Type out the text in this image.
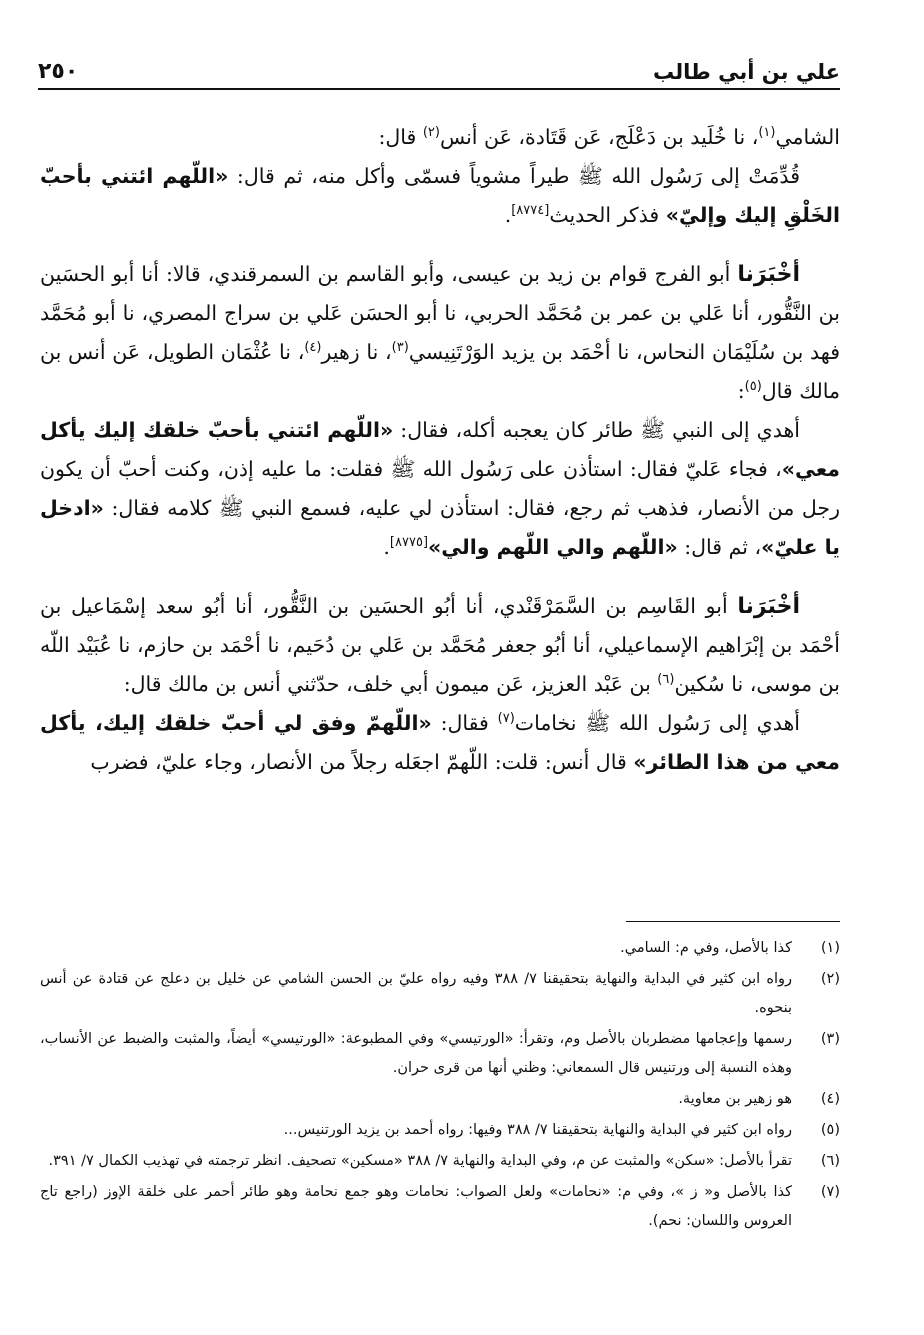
علي بن أبي طالب
٢٥٠

الشامي$^{(١)}$، نا خُلَيد بن دَعْلَج، عَن قَتَادة، عَن أنس$^{(٢)}$ قال:

قُدِّمَتْ إلى رَسُول الله ﷺ طيراً مشوياً فسمّى وأكل منه، ثم قال: «اللّهم ائتني بأحبّ الخَلْقِ إليك وإليّ» فذكر الحديث[٨٧٧٤].

أخْبَرَنا أبو الفرج قوام بن زيد بن عيسى، وأبو القاسم بن السمرقندي، قالا: أنا أبو الحسَين بن النَّقُّور، أنا عَلي بن عمر بن مُحَمَّد الحربي، نا أبو الحسَن عَلي بن سراج المصري، نا أبو مُحَمَّد فهد بن سُلَيْمَان النحاس، نا أحْمَد بن يزيد الوَرْتَنِيسي$^{(٣)}$، نا زهير$^{(٤)}$، نا عُثْمَان الطويل، عَن أنس بن مالك قال$^{(٥)}$:

أهدي إلى النبي ﷺ طائر كان يعجبه أكله، فقال: «اللّهم ائتني بأحبّ خلقك إليك يأكل معي»، فجاء عَليّ فقال: استأذن على رَسُول الله ﷺ فقلت: ما عليه إذن، وكنت أحبّ أن يكون رجل من الأنصار، فذهب ثم رجع، فقال: استأذن لي عليه، فسمع النبي ﷺ كلامه فقال: «ادخل يا عليّ»، ثم قال: «اللّهم والي اللّهم والي»[٨٧٧٥].

أخْبَرَنا أبو القَاسِم بن السَّمَرْقَنْدي، أنا أبُو الحسَين بن النَّقُّور، أنا أبُو سعد إسْمَاعيل بن أحْمَد بن إبْرَاهيم الإسماعيلي، أنا أبُو جعفر مُحَمَّد بن عَلي بن دُحَيم، نا أحْمَد بن حازم، نا عُبَيْد اللّه بن موسى، نا سُكين$^{(٦)}$ بن عَبْد العزيز، عَن ميمون أبي خلف، حدّثني أنس بن مالك قال:

أهدي إلى رَسُول الله ﷺ نخامات$^{(٧)}$ فقال: «اللّهمّ وفق لي أحبّ خلقك إليك، يأكل معي من هذا الطائر» قال أنس: قلت: اللّهمّ اجعَله رجلاً من الأنصار، وجاء عليّ، فضرب

(١)
كذا بالأصل، وفي م: السامي.
(٢)
رواه ابن كثير في البداية والنهاية بتحقيقنا ٧/ ٣٨٨ وفيه رواه عليّ بن الحسن الشامي عن خليل بن دعلج عن قتادة عن أنس بنحوه.
(٣)
رسمها وإعجامها مضطربان بالأصل وم، وتقرأ: «الورتيسي» وفي المطبوعة: «الورتيسي» أيضاً، والمثبت والضبط عن الأنساب، وهذه النسبة إلى ورتنيس قال السمعاني: وظني أنها من قرى حران.
(٤)
هو زهير بن معاوية.
(٥)
رواه ابن كثير في البداية والنهاية بتحقيقنا ٧/ ٣٨٨ وفيها: رواه أحمد بن يزيد الورتنيس...
(٦)
تقرأ بالأصل: «سكن» والمثبت عن م، وفي البداية والنهاية ٧/ ٣٨٨ «مسكين» تصحيف. انظر ترجمته في تهذيب الكمال ٧/ ٣٩١.
(٧)
كذا بالأصل و« ز »، وفي م: «نحامات» ولعل الصواب: نحامات وهو جمع نحامة وهو طائر أحمر على خلقة الإوز (راجع تاج العروس واللسان: نحم).
